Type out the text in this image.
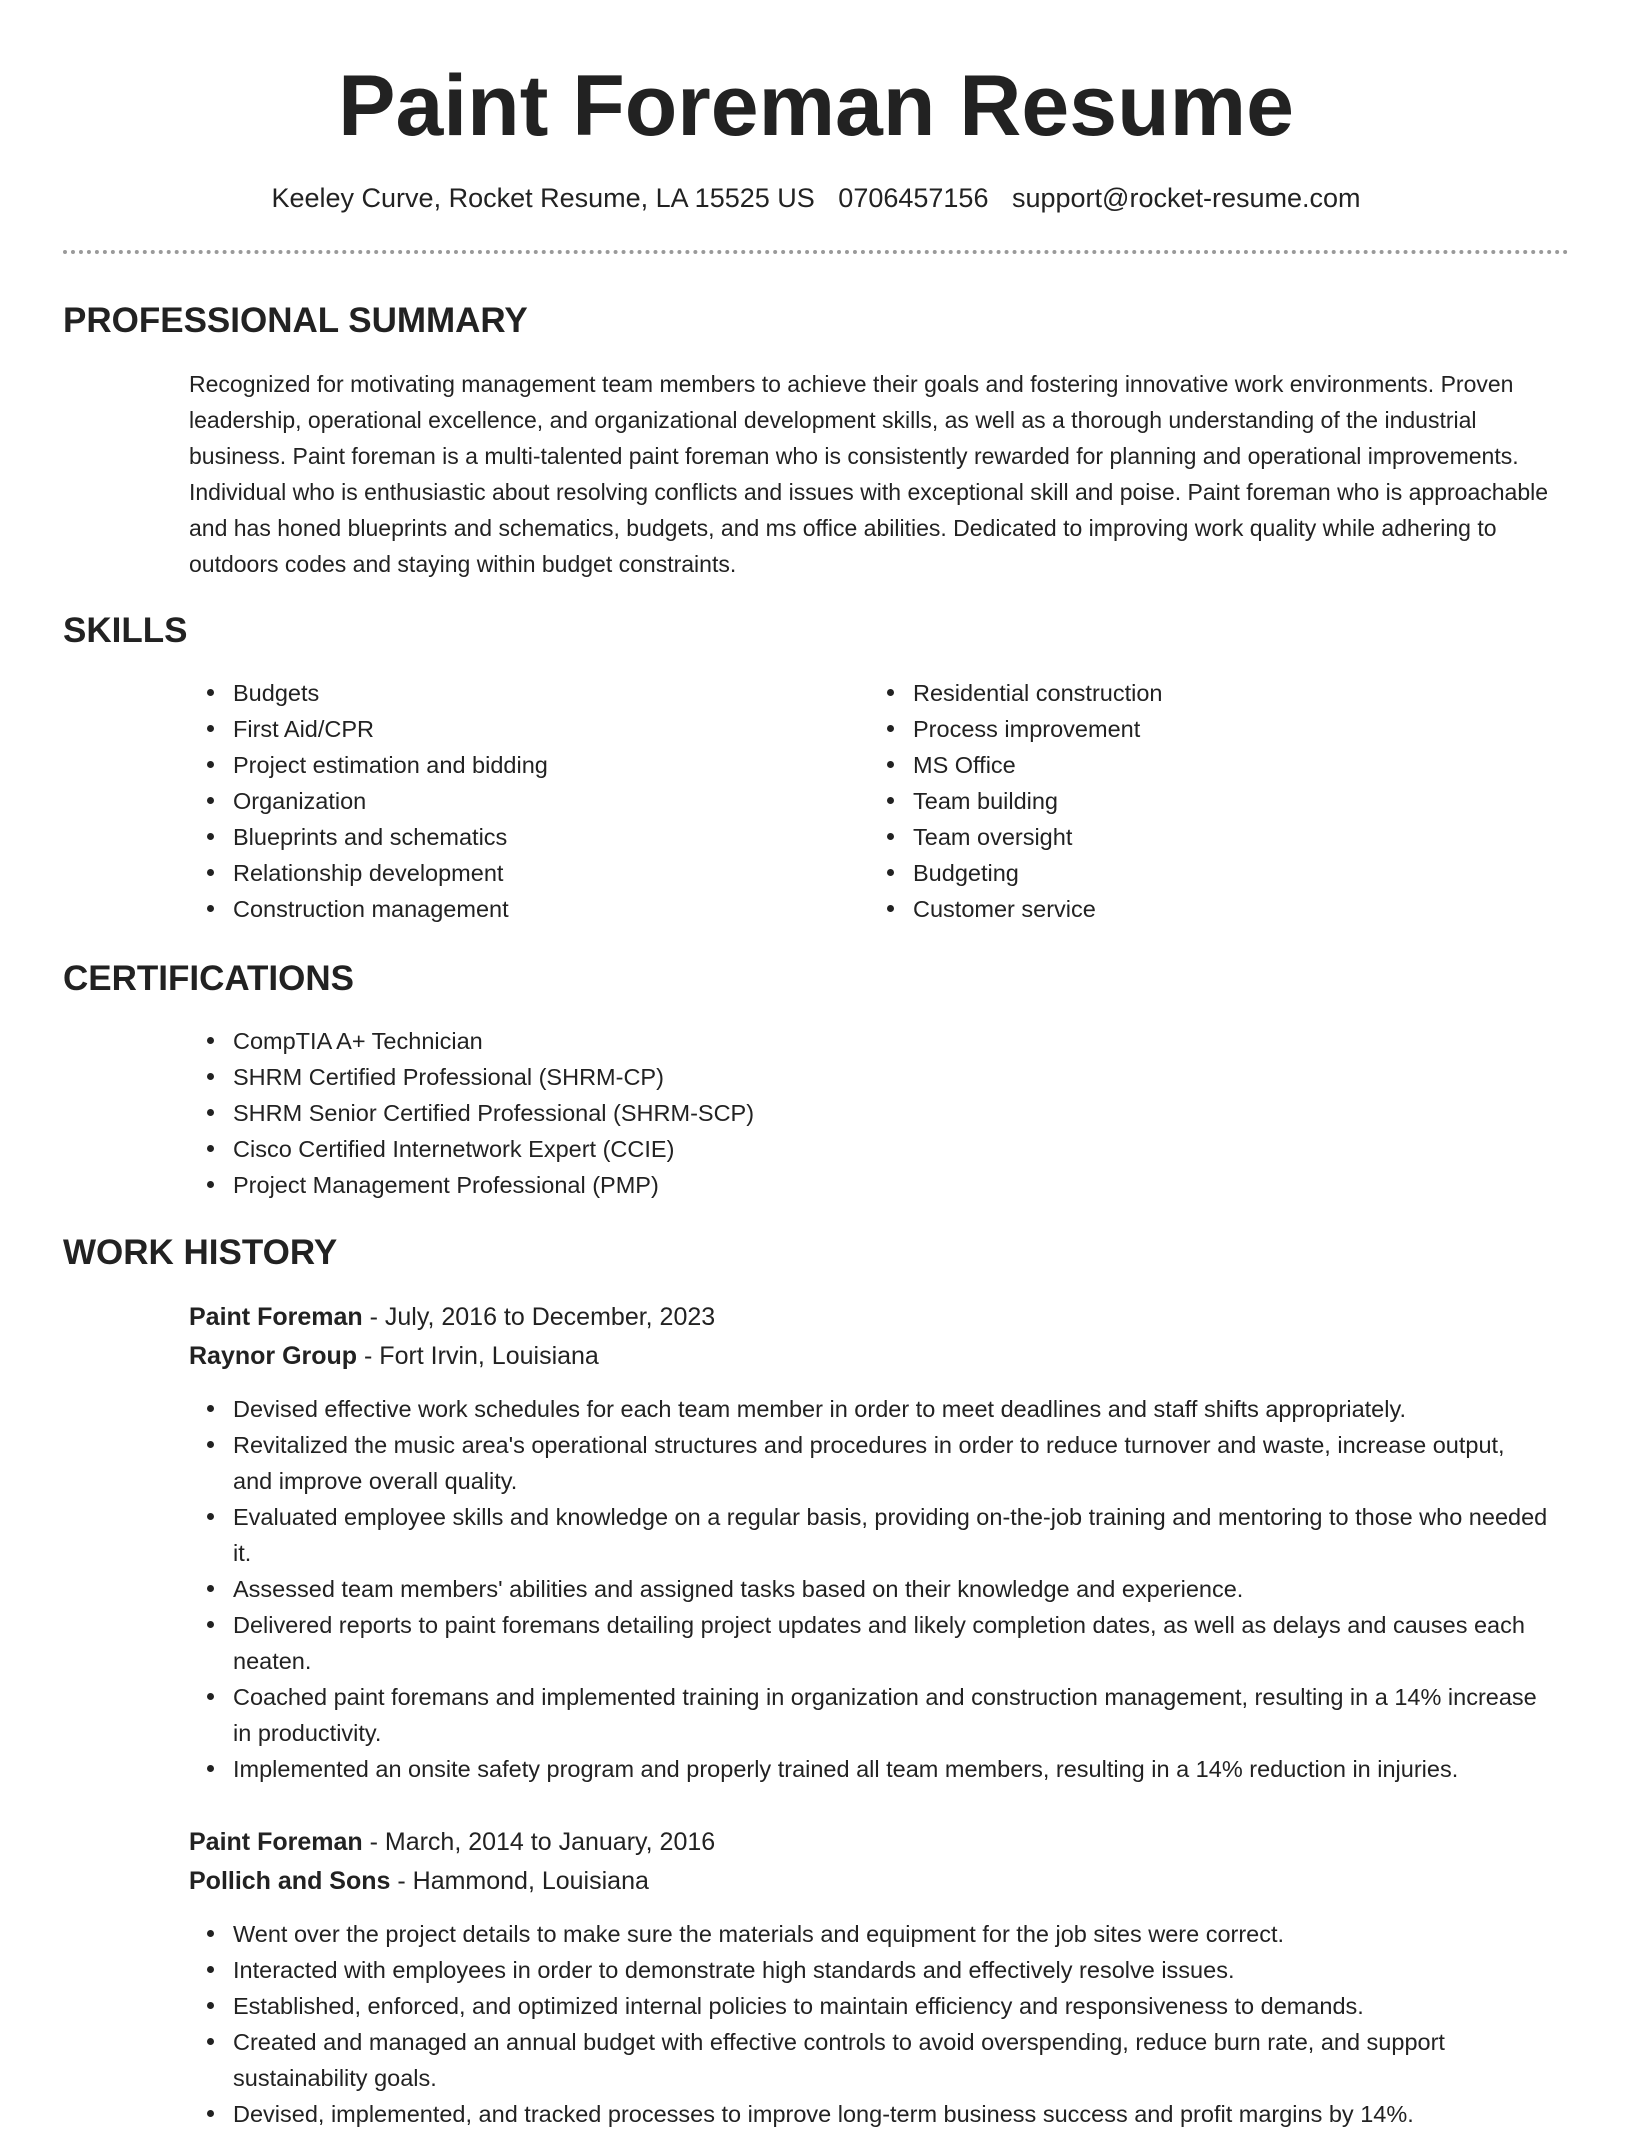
Paint Foreman Resume
Keeley Curve, Rocket Resume, LA 15525 US 0706457156 support@rocket-resume.com
PROFESSIONAL SUMMARY
Recognized for motivating management team members to achieve their goals and fostering innovative work environments. Proven leadership, operational excellence, and organizational development skills, as well as a thorough understanding of the industrial business. Paint foreman is a multi-talented paint foreman who is consistently rewarded for planning and operational improvements. Individual who is enthusiastic about resolving conflicts and issues with exceptional skill and poise. Paint foreman who is approachable and has honed blueprints and schematics, budgets, and ms office abilities. Dedicated to improving work quality while adhering to outdoors codes and staying within budget constraints.
SKILLS
Budgets
First Aid/CPR
Project estimation and bidding
Organization
Blueprints and schematics
Relationship development
Construction management
Residential construction
Process improvement
MS Office
Team building
Team oversight
Budgeting
Customer service
CERTIFICATIONS
CompTIA A+ Technician
SHRM Certified Professional (SHRM-CP)
SHRM Senior Certified Professional (SHRM-SCP)
Cisco Certified Internetwork Expert (CCIE)
Project Management Professional (PMP)
WORK HISTORY
Paint Foreman - July, 2016 to December, 2023
Raynor Group - Fort Irvin, Louisiana
Devised effective work schedules for each team member in order to meet deadlines and staff shifts appropriately.
Revitalized the music area's operational structures and procedures in order to reduce turnover and waste, increase output, and improve overall quality.
Evaluated employee skills and knowledge on a regular basis, providing on-the-job training and mentoring to those who needed it.
Assessed team members' abilities and assigned tasks based on their knowledge and experience.
Delivered reports to paint foremans detailing project updates and likely completion dates, as well as delays and causes each neaten.
Coached paint foremans and implemented training in organization and construction management, resulting in a 14% increase in productivity.
Implemented an onsite safety program and properly trained all team members, resulting in a 14% reduction in injuries.
Paint Foreman - March, 2014 to January, 2016
Pollich and Sons - Hammond, Louisiana
Went over the project details to make sure the materials and equipment for the job sites were correct.
Interacted with employees in order to demonstrate high standards and effectively resolve issues.
Established, enforced, and optimized internal policies to maintain efficiency and responsiveness to demands.
Created and managed an annual budget with effective controls to avoid overspending, reduce burn rate, and support sustainability goals.
Devised, implemented, and tracked processes to improve long-term business success and profit margins by 14%.
